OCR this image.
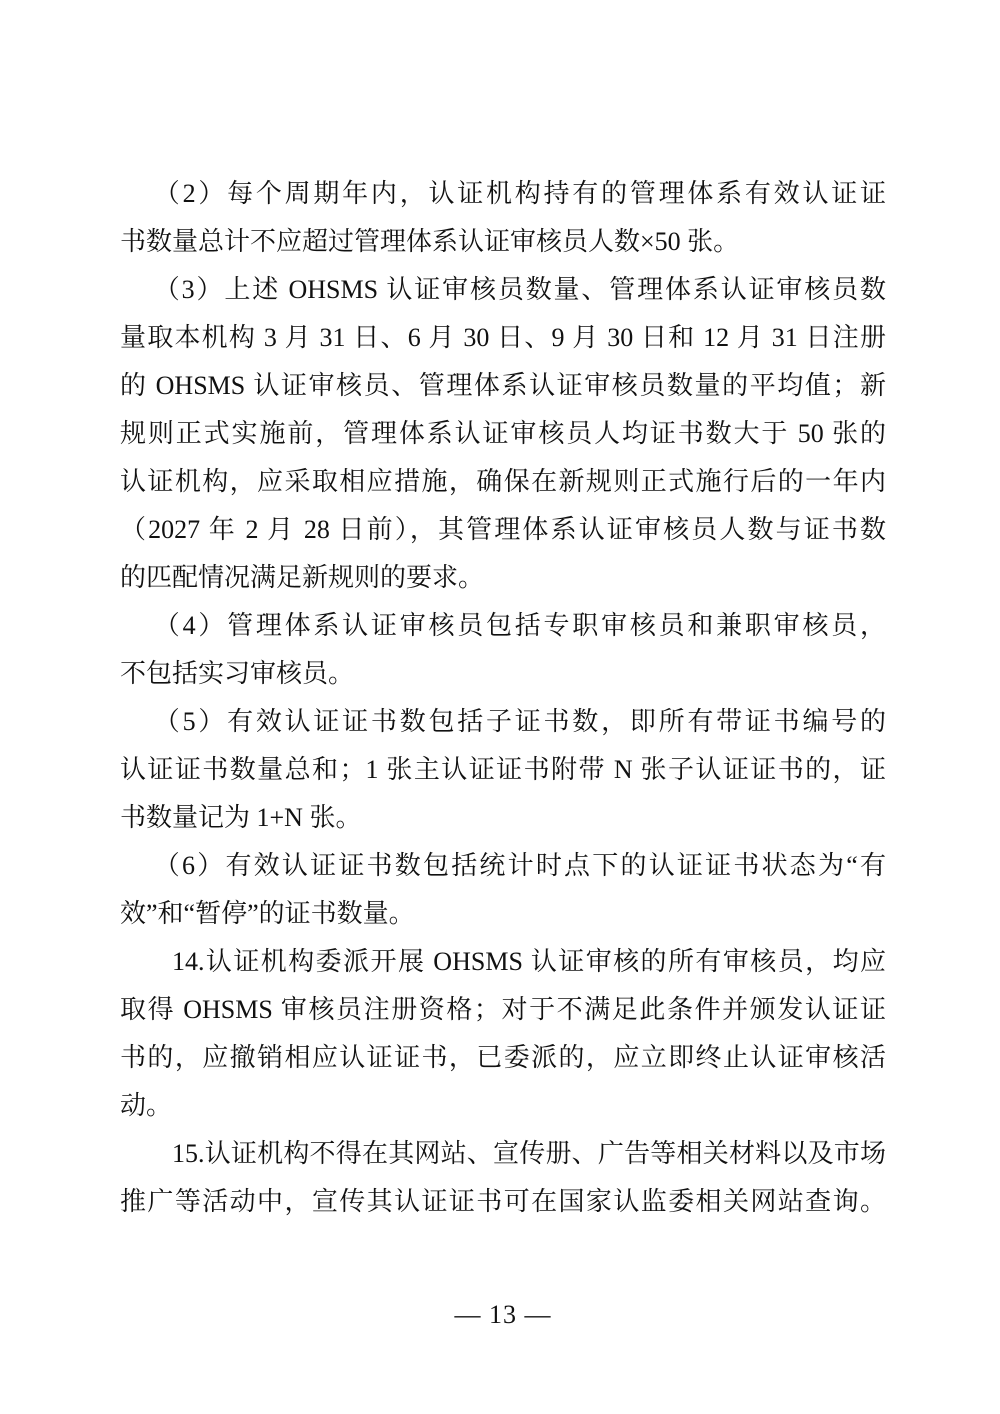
（2）每个周期年内，认证机构持有的管理体系有效认证证
书数量总计不应超过管理体系认证审核员人数×50 张。
（3）上述 OHSMS 认证审核员数量、管理体系认证审核员数
量取本机构 3 月 31 日、6 月 30 日、9 月 30 日和 12 月 31 日注册
的 OHSMS 认证审核员、管理体系认证审核员数量的平均值；新
规则正式实施前，管理体系认证审核员人均证书数大于 50 张的
认证机构，应采取相应措施，确保在新规则正式施行后的一年内
（2027 年 2 月 28 日前），其管理体系认证审核员人数与证书数
的匹配情况满足新规则的要求。
（4）管理体系认证审核员包括专职审核员和兼职审核员，
不包括实习审核员。
（5）有效认证证书数包括子证书数，即所有带证书编号的
认证证书数量总和；1 张主认证证书附带 N 张子认证证书的，证
书数量记为 1+N 张。
（6）有效认证证书数包括统计时点下的认证证书状态为“有
效”和“暂停”的证书数量。
14.认证机构委派开展 OHSMS 认证审核的所有审核员，均应
取得 OHSMS 审核员注册资格；对于不满足此条件并颁发认证证
书的，应撤销相应认证证书，已委派的，应立即终止认证审核活
动。
15.认证机构不得在其网站、宣传册、广告等相关材料以及市场
推广等活动中，宣传其认证证书可在国家认监委相关网站查询。
— 13 —
